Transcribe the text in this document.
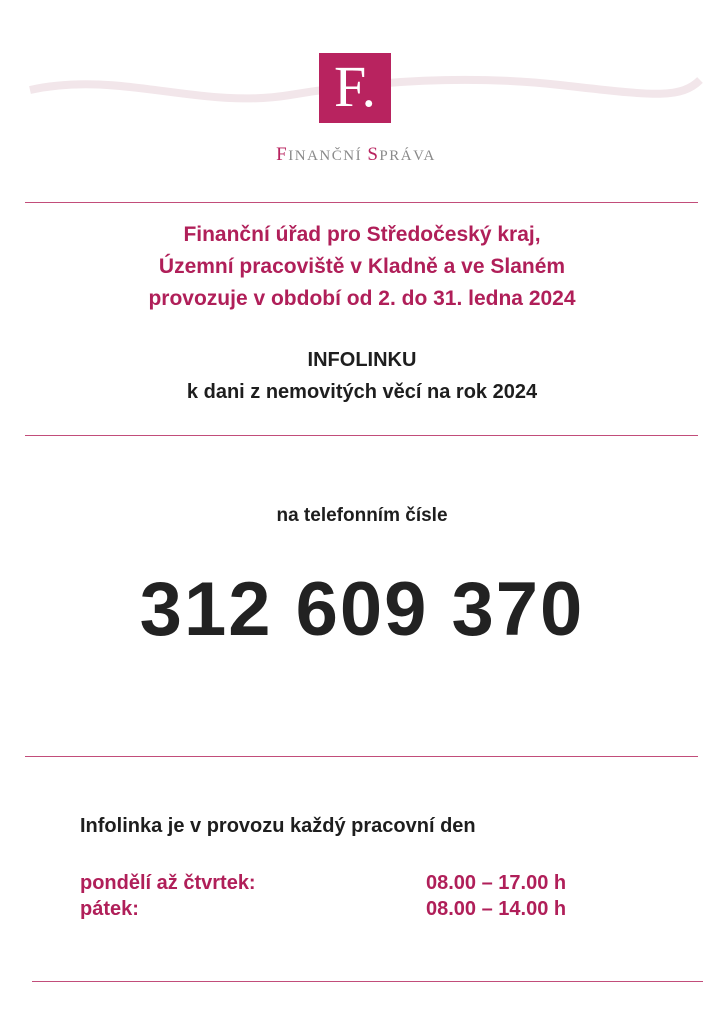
F.
FINANČNÍ SPRÁVA
Finanční úřad pro Středočeský kraj,
Územní pracoviště v Kladně a ve Slaném
provozuje v období od 2. do 31. ledna 2024
INFOLINKU
k dani z nemovitých věcí na rok 2024
na telefonním čísle
312 609 370
Infolinka je v provozu každý pracovní den
pondělí až čtvrtek:	08.00 – 17.00 h
pátek:	08.00 – 14.00 h
